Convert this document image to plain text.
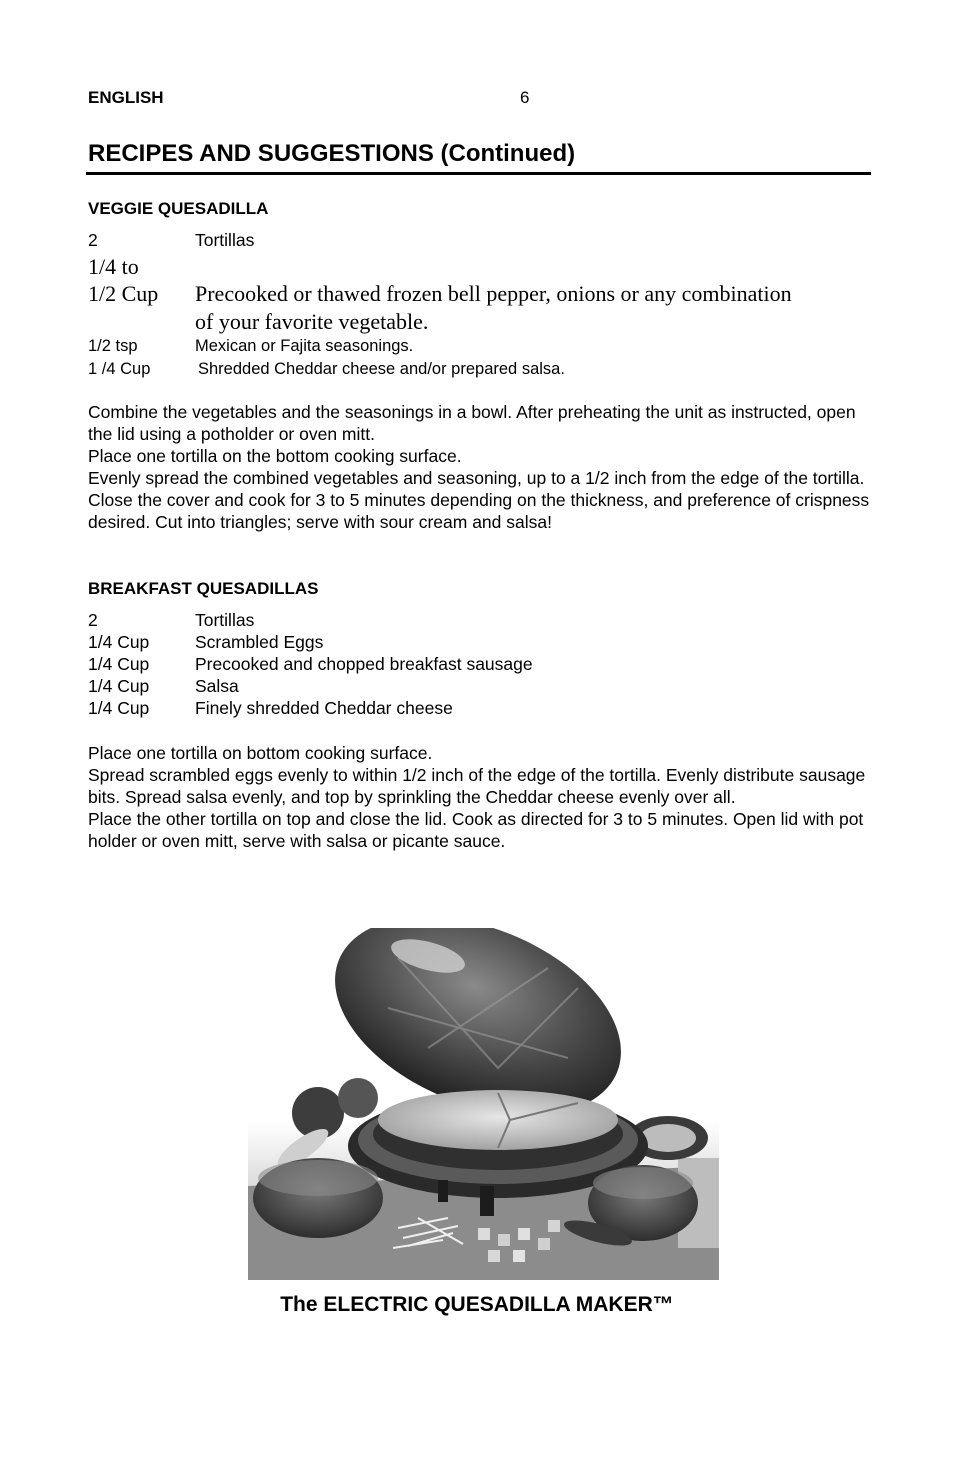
ENGLISH	6
RECIPES AND SUGGESTIONS (Continued)
VEGGIE QUESADILLA
2	Tortillas
1/4 to
1/2 Cup Precooked or thawed frozen bell pepper, onions or any combination
of your favorite vegetable.
1/2 tsp	Mexican or Fajita seasonings.
1 /4 Cup	Shredded Cheddar cheese and/or prepared salsa.

Combine the vegetables and the seasonings in a bowl. After preheating the unit as instructed, open the lid using a potholder or oven mitt.

Place one tortilla on the bottom cooking surface.

Evenly spread the combined vegetables and seasoning, up to a 1/2 inch from the edge of the tortilla.

Close the cover and cook for 3 to 5 minutes depending on the thickness, and preference of crispness desired. Cut into triangles; serve with sour cream and salsa!

BREAKFAST QUESADILLAS
2	Tortillas
1/4 Cup	Scrambled Eggs
1/4 Cup	Precooked and chopped breakfast sausage
1/4 Cup	Salsa
1/4 Cup	Finely shredded Cheddar cheese

Place one tortilla on bottom cooking surface.

Spread scrambled eggs evenly to within 1/2 inch of the edge of the tortilla. Evenly distribute sausage bits. Spread salsa evenly, and top by sprinkling the Cheddar cheese evenly over all.

Place the other tortilla on top and close the lid. Cook as directed for 3 to 5 minutes. Open lid with pot holder or oven mitt, serve with salsa or picante sauce.

The ELECTRIC QUESADILLA MAKER™
